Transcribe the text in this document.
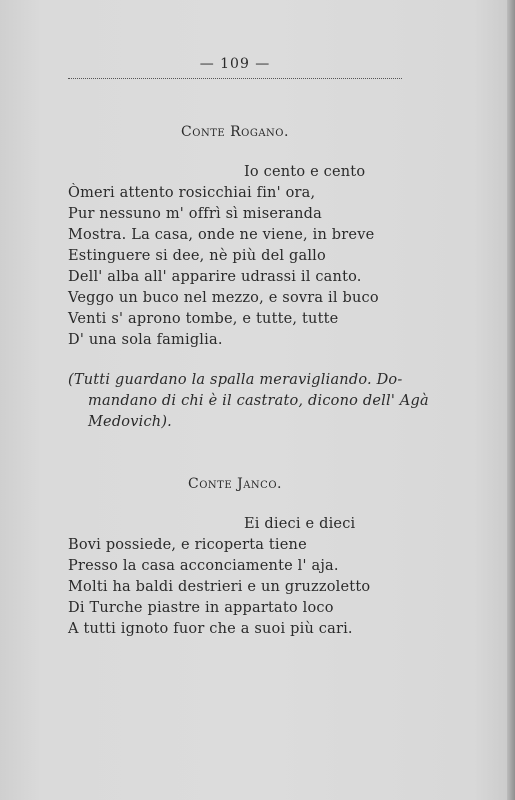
— 109 —
Conte Rogano.
Io cento e cento
Òmeri attento rosicchiai fin' ora,
Pur nessuno m' offrì sì miseranda
Mostra. La casa, onde ne viene, in breve
Estinguere si dee, nè più del gallo
Dell' alba all' apparire udrassi il canto.
Veggo un buco nel mezzo, e sovra il buco
Venti s' aprono tombe, e tutte, tutte
D' una sola famiglia.
(Tutti guardano la spalla meravigliando. Do-
mandano di chi è il castrato, dicono dell' Agà
Medovich).
Conte Janco.
Ei dieci e dieci
Bovi possiede, e ricoperta tiene
Presso la casa acconciamente l' aja.
Molti ha baldi destrieri e un gruzzoletto
Di Turche piastre in appartato loco
A tutti ignoto fuor che a suoi più cari.
